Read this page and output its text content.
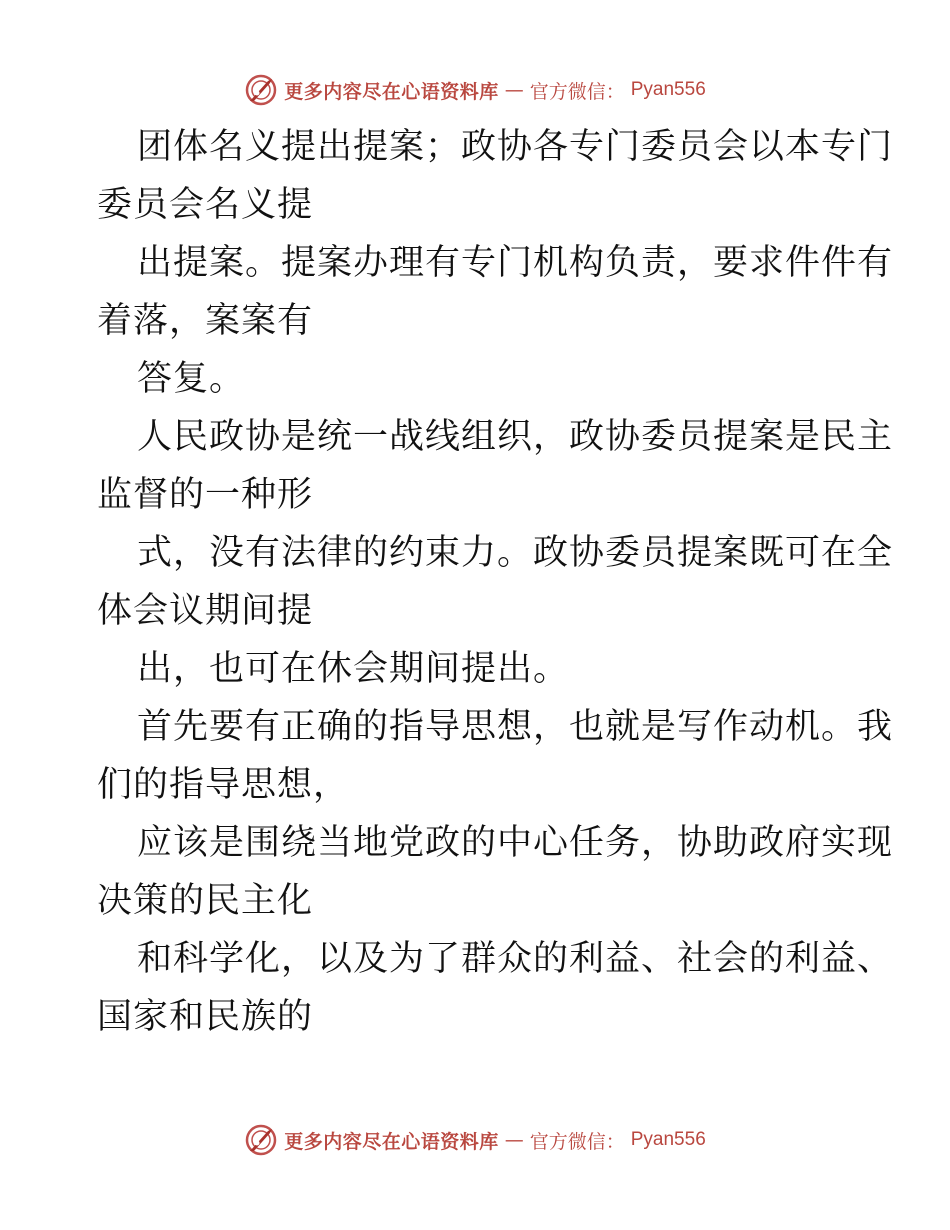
更多内容尽在心语资料库 — 官方微信： Pyan556

团体名义提出提案；政协各专门委员会以本专门
委员会名义提

出提案。提案办理有专门机构负责，要求件件有
着落，案案有

答复。

人民政协是统一战线组织，政协委员提案是民主
监督的一种形

式，没有法律的约束力。政协委员提案既可在全
体会议期间提

出，也可在休会期间提出。

首先要有正确的指导思想，也就是写作动机。我
们的指导思想，

应该是围绕当地党政的中心任务，协助政府实现
决策的民主化

和科学化，以及为了群众的利益、社会的利益、
国家和民族的

更多内容尽在心语资料库 — 官方微信： Pyan556
